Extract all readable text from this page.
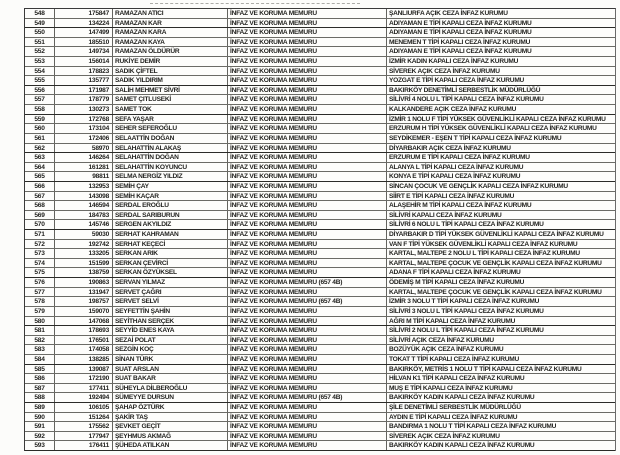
548	175847 RAMAZAN ATICI	İNFAZ VE KORUMA MEMURU	ŞANLIURFA AÇIK CEZA İNFAZ KURUMU
549	134224 RAMAZAN KAR	İNFAZ VE KORUMA MEMURU	ADIYAMAN E TİPİ KAPALI CEZA İNFAZ KURUMU
550	147499 RAMAZAN KARA	İNFAZ VE KORUMA MEMURU	ADIYAMAN E TİPİ KAPALI CEZA İNFAZ KURUMU
551	185510 RAMAZAN KAYA	İNFAZ VE KORUMA MEMURU	MENEMEN T TİPİ KAPALI CEZA İNFAZ KURUMU
552	149734 RAMAZAN ÖLDÜRÜR	İNFAZ VE KORUMA MEMURU	ADIYAMAN E TİPİ KAPALI CEZA İNFAZ KURUMU
553	156014 RUKİYE DEMİR	İNFAZ VE KORUMA MEMURU	İZMİR KADIN KAPALI CEZA İNFAZ KURUMU
554	178823 SADIK ÇİFTEL	İNFAZ VE KORUMA MEMURU	SİVEREK AÇIK CEZA İNFAZ KURUMU
555	135777 SADIK YILDIRIM	İNFAZ VE KORUMA MEMURU	YOZGAT E TİPİ KAPALI CEZA İNFAZ KURUMU
556	171987 SALİH MEHMET SİVRİ	İNFAZ VE KORUMA MEMURU	BAKIRKÖY DENETİMLİ SERBESTLİK MÜDÜRLÜĞÜ
557	178779 SAMET ÇITLUSEKİ	İNFAZ VE KORUMA MEMURU	SİLİVRİ 4 NOLU L TİPİ KAPALI CEZA İNFAZ KURUMU
558	130273 SAMET TOK	İNFAZ VE KORUMA MEMURU	KALKANDERE AÇIK CEZA İNFAZ KURUMU
559	172768 SEFA YAŞAR	İNFAZ VE KORUMA MEMURU	İZMİR 1 NOLU F TİPİ YÜKSEK GÜVENLİKLİ KAPALI CEZA İNFAZ KURUMU
560	173104 SEHER SEFEROĞLU	İNFAZ VE KORUMA MEMURU	ERZURUM H TİPİ YÜKSEK GÜVENLİKLİ KAPALI CEZA İNFAZ KURUMU
561	172406 SELAATTİN DOĞAN	İNFAZ VE KORUMA MEMURU	SEYDİKEMER - EŞEN T TİPİ KAPALI CEZA İNFAZ KURUMU
562	58970 SELAHATTİN ALAKAŞ	İNFAZ VE KORUMA MEMURU	DİYARBAKIR AÇIK CEZA İNFAZ KURUMU
563	146264 SELAHATTİN DOĞAN	İNFAZ VE KORUMA MEMURU	ERZURUM E TİPİ KAPALI CEZA İNFAZ KURUMU
564	161281 SELAHATTİN KOYUNCU	İNFAZ VE KORUMA MEMURU	ALANYA L TİPİ KAPALI CEZA İNFAZ KURUMU
565	98811 SELMA NERGİZ YILDIZ	İNFAZ VE KORUMA MEMURU	KONYA E TİPİ KAPALI CEZA İNFAZ KURUMU
566	132953 SEMİH ÇAY	İNFAZ VE KORUMA MEMURU	SİNCAN ÇOCUK VE GENÇLİK KAPALI CEZA İNFAZ KURUMU
567	143098 SEMİH KAÇAR	İNFAZ VE KORUMA MEMURU	SİİRT E TİPİ KAPALI CEZA İNFAZ KURUMU
568	146594 SERDAL EROĞLU	İNFAZ VE KORUMA MEMURU	ALAŞEHİR M TİPİ KAPALI CEZA İNFAZ KURUMU
569	184783 SERDAL SARIBURUN	İNFAZ VE KORUMA MEMURU	SİLİVRİ KAPALI CEZA İNFAZ KURUMU
570	145746 SERGEN AKYILDIZ	İNFAZ VE KORUMA MEMURU	SİLİVRİ 6 NOLU L TİPİ KAPALI CEZA İNFAZ KURUMU
571	59030 SERHAT KAHRAMAN	İNFAZ VE KORUMA MEMURU	DİYARBAKIR D TİPİ YÜKSEK GÜVENLİKLİ KAPALI CEZA İNFAZ KURUMU
572	192742 SERHAT KEÇECİ	İNFAZ VE KORUMA MEMURU	VAN F TİPİ YÜKSEK GÜVENLİKLİ KAPALI CEZA İNFAZ KURUMU
573	133205 SERKAN ARIK	İNFAZ VE KORUMA MEMURU	KARTAL, MALTEPE 2 NOLU L TİPİ KAPALI CEZA İNFAZ KURUMU
574	151599 SERKAN ÇEVİRCİ	İNFAZ VE KORUMA MEMURU	KARTAL, MALTEPE ÇOCUK VE GENÇLİK KAPALI CEZA İNFAZ KURUMU
575	138759 SERKAN ÖZYÜKSEL	İNFAZ VE KORUMA MEMURU	ADANA F TİPİ KAPALI CEZA İNFAZ KURUMU
576	190863 SERVAN YILMAZ	İNFAZ VE KORUMA MEMURU (657 4B)	ÖDEMİŞ M TİPİ KAPALI CEZA İNFAZ KURUMU
577	131947 SERVET ÇAĞRI	İNFAZ VE KORUMA MEMURU	KARTAL, MALTEPE ÇOCUK VE GENÇLİK KAPALI CEZA İNFAZ KURUMU
578	198757 SERVET SELVİ	İNFAZ VE KORUMA MEMURU (657 4B)	İZMİR 3 NOLU T TİPİ KAPALI CEZA İNFAZ KURUMU
579	159070 SEYFETTİN ŞAHİN	İNFAZ VE KORUMA MEMURU	SİLİVRİ 3 NOLU L TİPİ KAPALI CEZA İNFAZ KURUMU
580	147068 SEYİTHAN SERÇEK	İNFAZ VE KORUMA MEMURU	AĞRI M TİPİ KAPALI CEZA İNFAZ KURUMU
581	178693 SEYYİD ENES KAYA	İNFAZ VE KORUMA MEMURU	SİLİVRİ 2 NOLU L TİPİ KAPALI CEZA İNFAZ KURUMU
582	176501 SEZAİ POLAT	İNFAZ VE KORUMA MEMURU	SİLİVRİ AÇIK CEZA İNFAZ KURUMU
583	174058 SEZGİN KOÇ	İNFAZ VE KORUMA MEMURU	BOZÜYÜK AÇIK CEZA İNFAZ KURUMU
584	138285 SİNAN TÜRK	İNFAZ VE KORUMA MEMURU	TOKAT T TİPİ KAPALI CEZA İNFAZ KURUMU
585	139087 SUAT ARSLAN	İNFAZ VE KORUMA MEMURU	BAKIRKÖY, METRİS 1 NOLU T TİPİ KAPALI CEZA İNFAZ KURUMU
586	172190 SUAT BAKAR	İNFAZ VE KORUMA MEMURU	HİLVAN K1 TİPİ KAPALI CEZA İNFAZ KURUMU
587	177411 SÜHEYLA DİLBEROĞLU	İNFAZ VE KORUMA MEMURU	MUŞ E TİPİ KAPALI CEZA İNFAZ KURUMU
588	192494 SÜMEYYE DURSUN	İNFAZ VE KORUMA MEMURU (657 4B)	BAKIRKÖY KADIN KAPALI CEZA İNFAZ KURUMU
589	106105 ŞAHAP ÖZTÜRK	İNFAZ VE KORUMA MEMURU	ŞİLE DENETİMLİ SERBESTLİK MÜDÜRLÜĞÜ
590	151264 ŞAKİR TAŞ	İNFAZ VE KORUMA MEMURU	AYDIN E TİPİ KAPALI CEZA İNFAZ KURUMU
591	175562 ŞEVKET GEÇİT	İNFAZ VE KORUMA MEMURU	BANDIRMA 1 NOLU T TİPİ KAPALI CEZA İNFAZ KURUMU
592	177947 ŞEYHMUS AKMAĞ	İNFAZ VE KORUMA MEMURU	SİVEREK AÇIK CEZA İNFAZ KURUMU
593	176411 ŞÜHEDA ATILKAN	İNFAZ VE KORUMA MEMURU	BAKIRKÖY KADIN KAPALI CEZA İNFAZ KURUMU
